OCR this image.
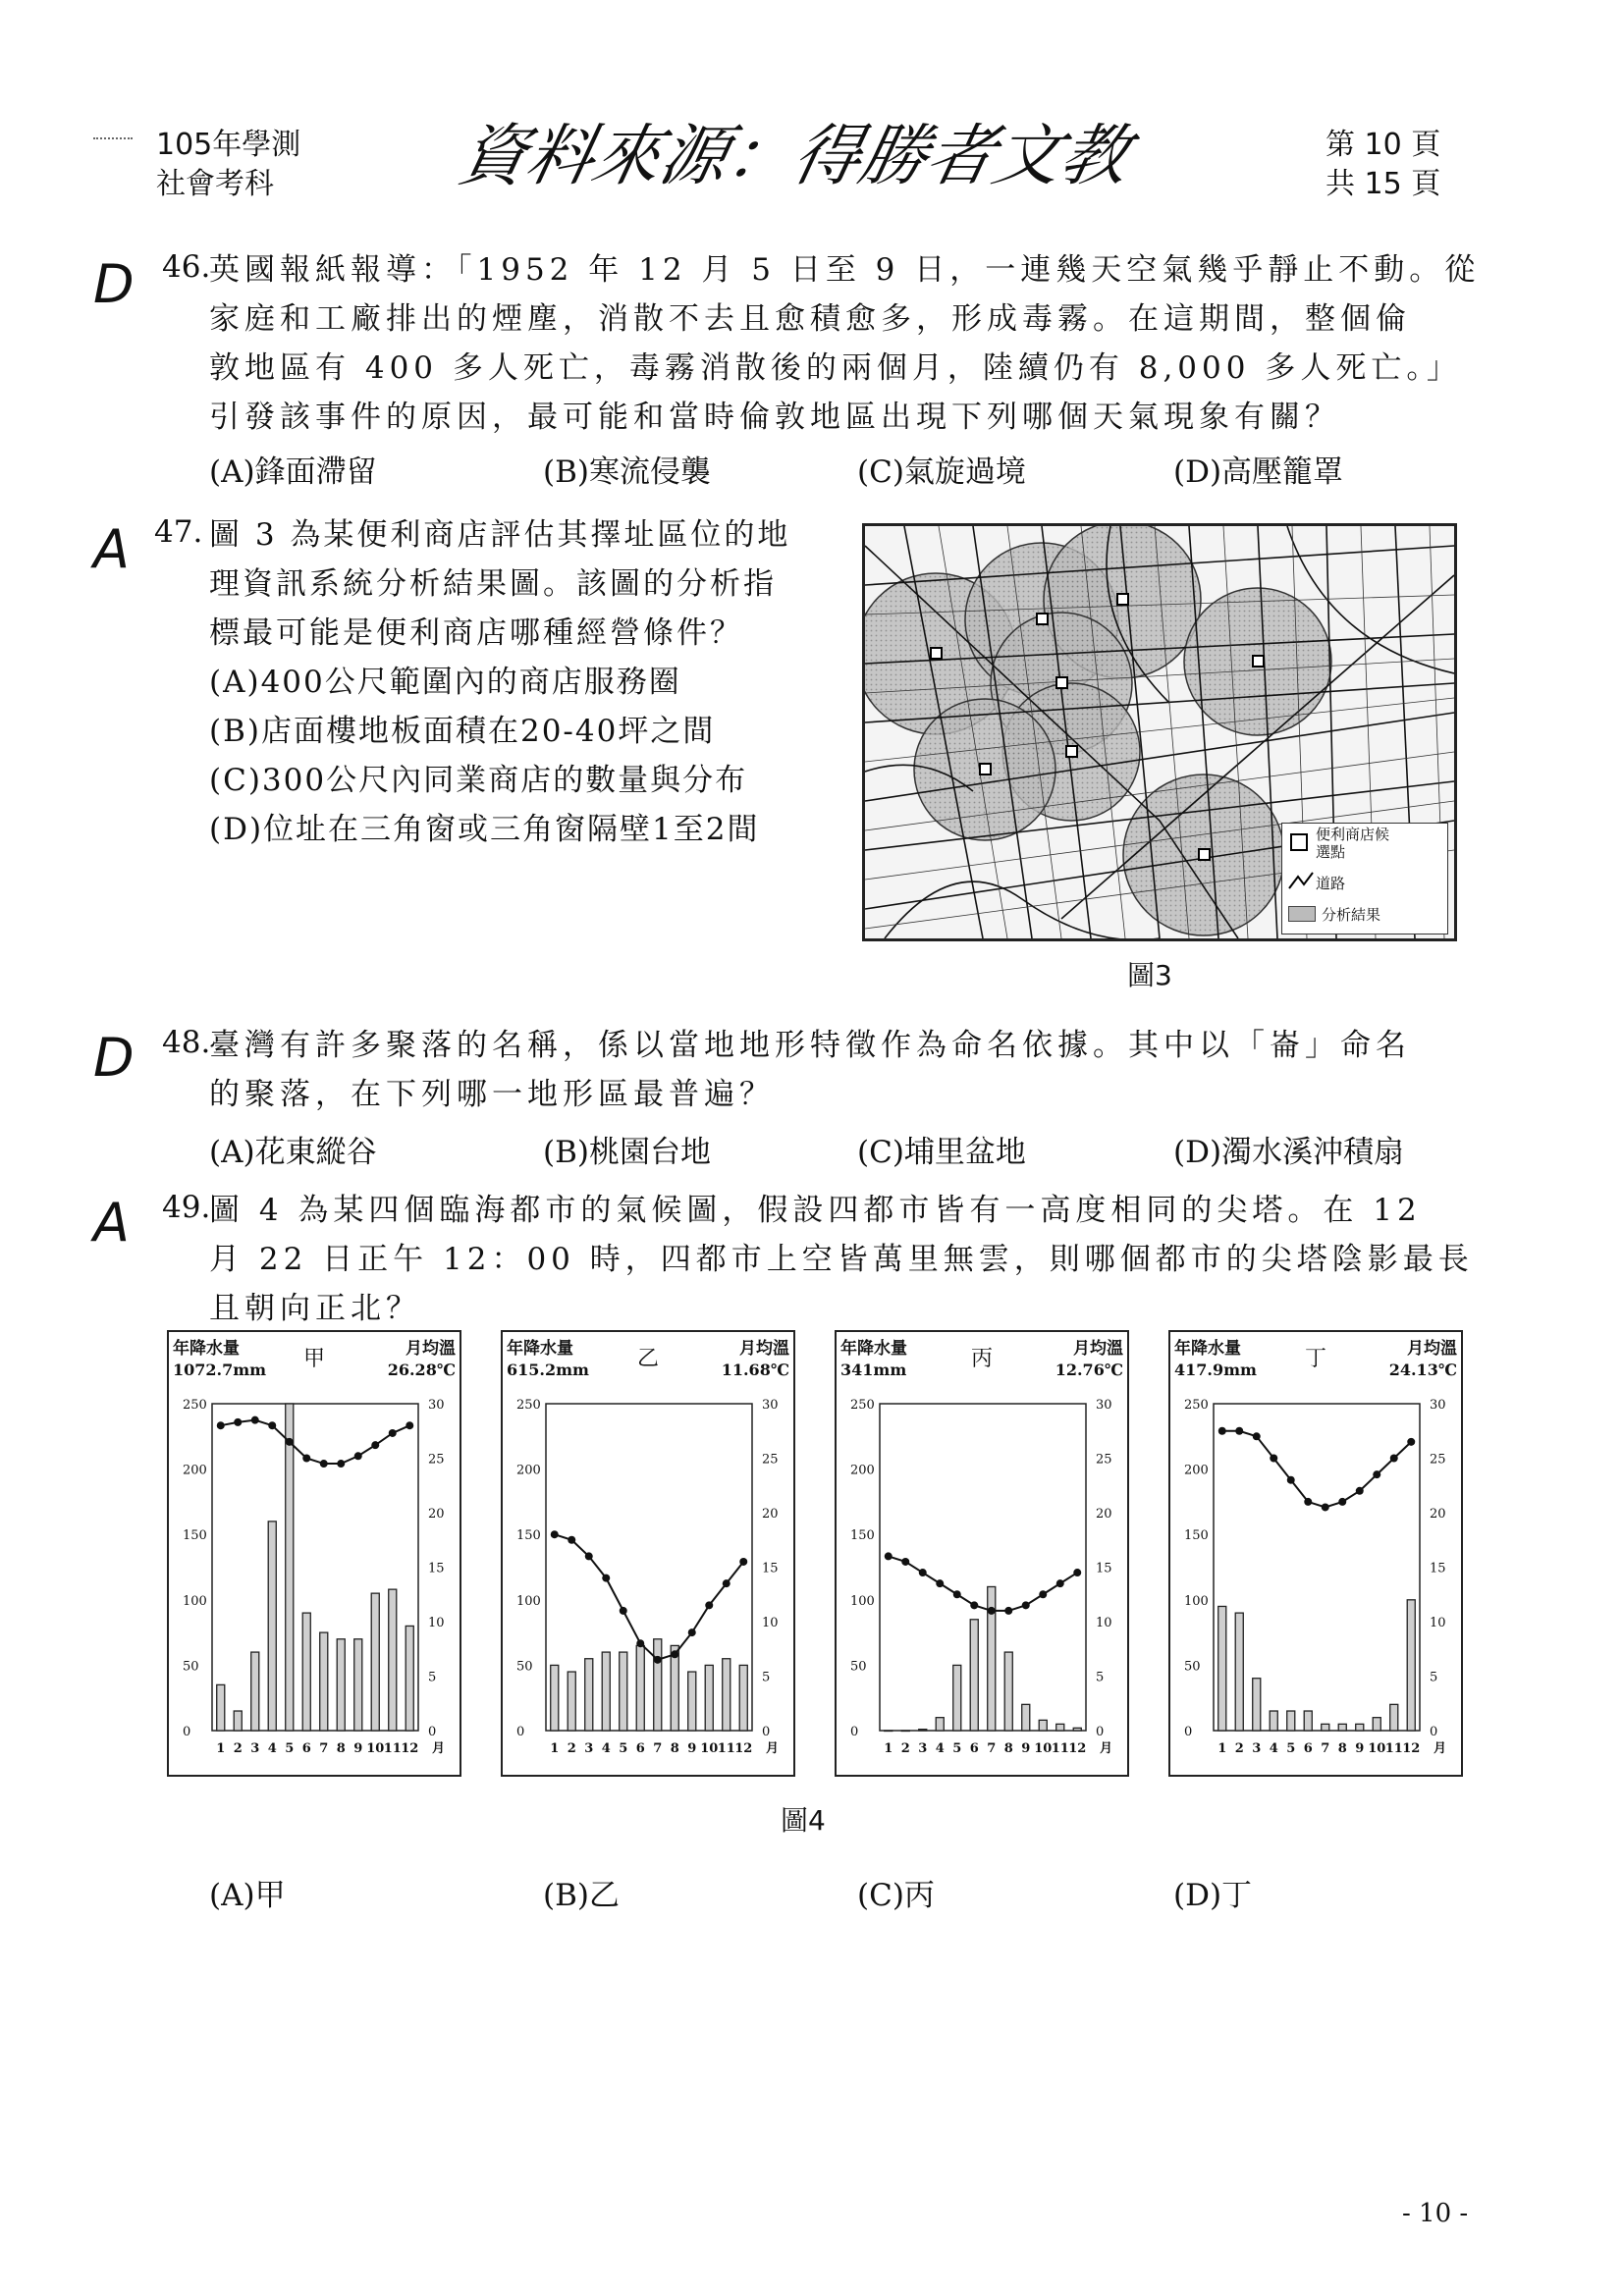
105年學測
社會考科	資料來源：得勝者文教	第 10 頁
共 15 頁
D 46.
英國報紙報導：「1952 年 12 月 5 日至 9 日，一連幾天空氣幾乎靜止不動。從
家庭和工廠排出的煙塵，消散不去且愈積愈多，形成毒霧。在這期間，整個倫
敦地區有 400 多人死亡，毒霧消散後的兩個月，陸續仍有 8,000 多人死亡。」
引發該事件的原因，最可能和當時倫敦地區出現下列哪個天氣現象有關？
(A)鋒面滯留	(B)寒流侵襲	(C)氣旋過境	(D)高壓籠罩
A 47. 圖 3 為某便利商店評估其擇址區位的地
理資訊系統分析結果圖。該圖的分析指
標最可能是便利商店哪種經營條件？
(A)400公尺範圍內的商店服務圈
(B)店面樓地板面積在20-40坪之間
(C)300公尺內同業商店的數量與分布
(D)位址在三角窗或三角窗隔壁1至2間	便利商店候選點
道路
分析結果
圖3
D 48.
臺灣有許多聚落的名稱，係以當地地形特徵作為命名依據。其中以「崙」命名
的聚落，在下列哪一地形區最普遍？
(A)花東縱谷	(B)桃園台地	(C)埔里盆地	(D)濁水溪沖積扇
A 49.
圖 4 為某四個臨海都市的氣候圖，假設四都市皆有一高度相同的尖塔。在 12
月 22 日正午 12：00 時，四都市上空皆萬里無雲，則哪個都市的尖塔陰影最長
且朝向正北？
年降水量
1072.7mm 甲	月均溫
26.28℃
0
50
100
150
200
250
0
5
10
15
20
25
30
1 2 3 4 5 6 7 8 9 10 11 12 月
年降水量
615.2mm 乙	月均溫
11.68℃
0
50
100
150
200
250
0
5
10
15
20
25
30
1 2 3 4 5 6 7 8 9 10 11 12 月
年降水量
341mm	丙	月均溫
12.76℃
0
50
100
150
200
250
0
5
10
15
20
25
30
1 2 3 4 5 6 7 8 9 10 11 12 月
年降水量
417.9mm 丁	月均溫
24.13℃
0
50
100
150
200
250
0
5
10
15
20
25
30
1 2 3 4 5 6 7 8 9 10 11 12 月
圖4
(A)甲	(B)乙	(C)丙	(D)丁
- 10 -
